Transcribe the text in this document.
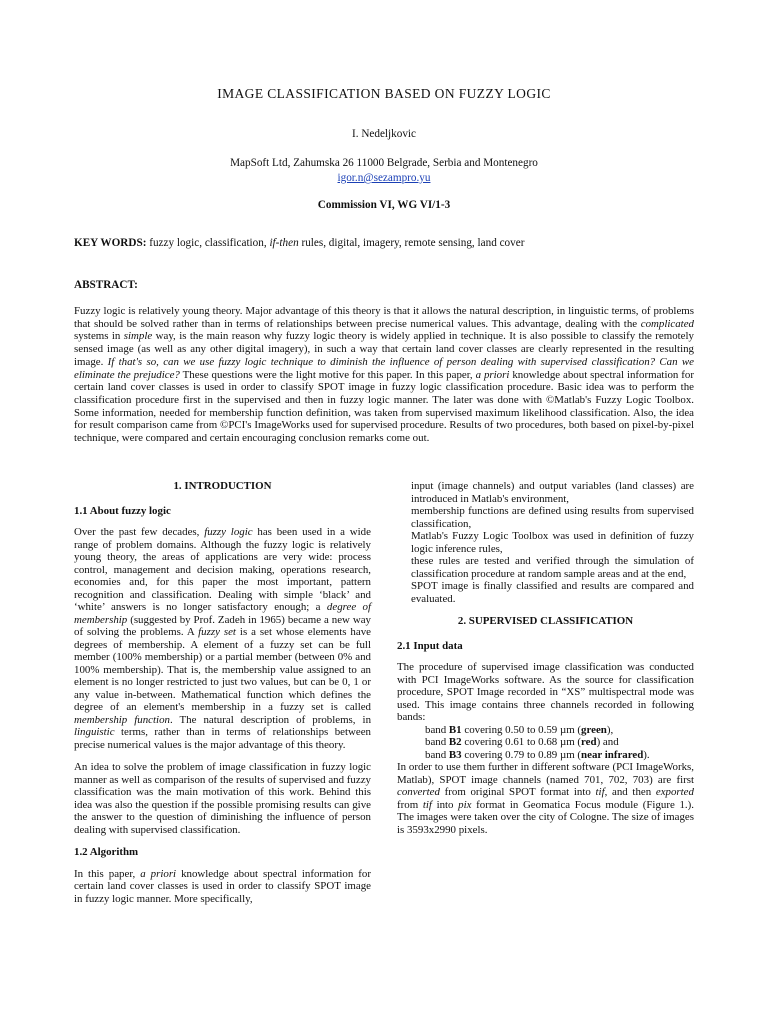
IMAGE CLASSIFICATION BASED ON FUZZY LOGIC
I. Nedeljkovic
MapSoft Ltd, Zahumska 26 11000 Belgrade, Serbia and Montenegro
igor.n@sezampro.yu
Commission VI, WG VI/1-3
KEY WORDS: fuzzy logic, classification, if-then rules, digital, imagery, remote sensing, land cover
ABSTRACT:
Fuzzy logic is relatively young theory. Major advantage of this theory is that it allows the natural description, in linguistic terms, of problems that should be solved rather than in terms of relationships between precise numerical values. This advantage, dealing with the complicated systems in simple way, is the main reason why fuzzy logic theory is widely applied in technique. It is also possible to classify the remotely sensed image (as well as any other digital imagery), in such a way that certain land cover classes are clearly represented in the resulting image. If that's so, can we use fuzzy logic technique to diminish the influence of person dealing with supervised classification? Can we eliminate the prejudice? These questions were the light motive for this paper. In this paper, a priori knowledge about spectral information for certain land cover classes is used in order to classify SPOT image in fuzzy logic classification procedure. Basic idea was to perform the classification procedure first in the supervised and then in fuzzy logic manner. The later was done with ©Matlab's Fuzzy Logic Toolbox. Some information, needed for membership function definition, was taken from supervised maximum likelihood classification. Also, the idea for result comparison came from ©PCI's ImageWorks used for supervised procedure. Results of two procedures, both based on pixel-by-pixel technique, were compared and certain encouraging conclusion remarks come out.
1. INTRODUCTION
1.1 About fuzzy logic
Over the past few decades, fuzzy logic has been used in a wide range of problem domains. Although the fuzzy logic is relatively young theory, the areas of applications are very wide: process control, management and decision making, operations research, economies and, for this paper the most important, pattern recognition and classification. Dealing with simple ‘black’ and ‘white’ answers is no longer satisfactory enough; a degree of membership (suggested by Prof. Zadeh in 1965) became a new way of solving the problems. A fuzzy set is a set whose elements have degrees of membership. A element of a fuzzy set can be full member (100% membership) or a partial member (between 0% and 100% membership). That is, the membership value assigned to an element is no longer restricted to just two values, but can be 0, 1 or any value in-between. Mathematical function which defines the degree of an element's membership in a fuzzy set is called membership function. The natural description of problems, in linguistic terms, rather than in terms of relationships between precise numerical values is the major advantage of this theory.
An idea to solve the problem of image classification in fuzzy logic manner as well as comparison of the results of supervised and fuzzy classification was the main motivation of this work. Behind this idea was also the question if the possible promising results can give the answer to the question of diminishing the influence of person dealing with supervised classification.
1.2 Algorithm
In this paper, a priori knowledge about spectral information for certain land cover classes is used in order to classify SPOT image in fuzzy logic manner. More specifically,
input (image channels) and output variables (land classes) are introduced in Matlab's environment,
membership functions are defined using results from supervised classification,
Matlab's Fuzzy Logic Toolbox was used in definition of fuzzy logic inference rules,
these rules are tested and verified through the simulation of classification procedure at random sample areas and at the end,
SPOT image is finally classified and results are compared and evaluated.
2. SUPERVISED CLASSIFICATION
2.1 Input data
The procedure of supervised image classification was conducted with PCI ImageWorks software. As the source for classification procedure, SPOT Image recorded in “XS” multispectral mode was used. This image contains three channels recorded in following bands:
band B1 covering 0.50 to 0.59 µm (green),
band B2 covering 0.61 to 0.68 µm (red) and
band B3 covering 0.79 to 0.89 µm (near infrared).
In order to use them further in different software (PCI ImageWorks, Matlab), SPOT image channels (named 701, 702, 703) are first converted from original SPOT format into tif, and then exported from tif into pix format in Geomatica Focus module (Figure 1.). The images were taken over the city of Cologne. The size of images is 3593x2990 pixels.
